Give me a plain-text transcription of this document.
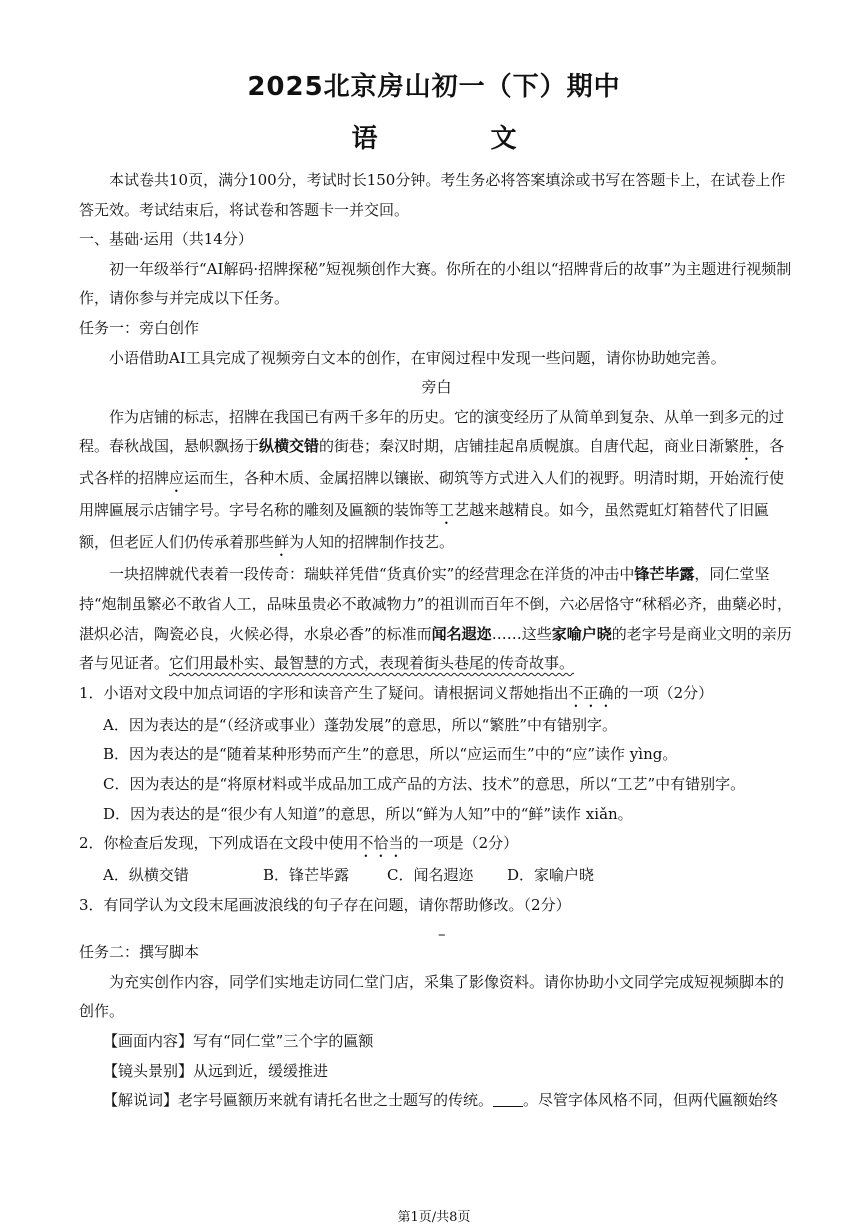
2025北京房山初一（下）期中
语 文

本试卷共10页，满分100分，考试时长150分钟。考生务必将答案填涂或书写在答题卡上，在试卷上作答无效。考试结束后，将试卷和答题卡一并交回。

一、基础·运用（共14分）

初一年级举行“AI解码·招牌探秘”短视频创作大赛。你所在的小组以“招牌背后的故事”为主题进行视频制作，请你参与并完成以下任务。

任务一：旁白创作

小语借助AI工具完成了视频旁白文本的创作，在审阅过程中发现一些问题，请你协助她完善。

旁白

作为店铺的标志，招牌在我国已有两千多年的历史。它的演变经历了从简单到复杂、从单一到多元的过程。春秋战国，悬帜飘扬于纵横交错的街巷；秦汉时期，店铺挂起帛质幌旗。自唐代起，商业日渐繁胜，各式各样的招牌应运而生，各种木质、金属招牌以镶嵌、砌筑等方式进入人们的视野。明清时期，开始流行使用牌匾展示店铺字号。字号名称的雕刻及匾额的装饰等工艺越来越精良。如今，虽然霓虹灯箱替代了旧匾额，但老匠人们仍传承着那些鲜为人知的招牌制作技艺。

一块招牌就代表着一段传奇：瑞蚨祥凭借“货真价实”的经营理念在洋货的冲击中锋芒毕露，同仁堂坚持“炮制虽繁必不敢省人工，品味虽贵必不敢减物力”的祖训而百年不倒，六必居恪守“秫稻必齐，曲蘖必时，湛炽必洁，陶瓷必良，火候必得，水泉必香”的标准而闻名遐迩……这些家喻户晓的老字号是商业文明的亲历者与见证者。它们用最朴实、最智慧的方式，表现着街头巷尾的传奇故事。

1．小语对文段中加点词语的字形和读音产生了疑问。请根据词义帮她指出不正确的一项（2分）

A．因为表达的是“（经济或事业）蓬勃发展”的意思，所以“繁胜”中有错别字。

B．因为表达的是“随着某种形势而产生”的意思，所以“应运而生”中的“应”读作 yìng。

C．因为表达的是“将原材料或半成品加工成产品的方法、技术”的意思，所以“工艺”中有错别字。

D．因为表达的是“很少有人知道”的意思，所以“鲜为人知”中的“鲜”读作 xiǎn。

2．你检查后发现，下列成语在文段中使用不恰当的一项是（2分）

A．纵横交错	B．锋芒毕露	C．闻名遐迩 D．家喻户晓

3．有同学认为文段末尾画波浪线的句子存在问题，请你帮助修改。（2分）

–

任务二：撰写脚本

为充实创作内容，同学们实地走访同仁堂门店，采集了影像资料。请你协助小文同学完成短视频脚本的创作。

【画面内容】写有“同仁堂”三个字的匾额

【镜头景别】从远到近，缓缓推进

【解说词】老字号匾额历来就有请托名世之士题写的传统。 。尽管字体风格不同，但两代匾额始终

第1页/共8页
